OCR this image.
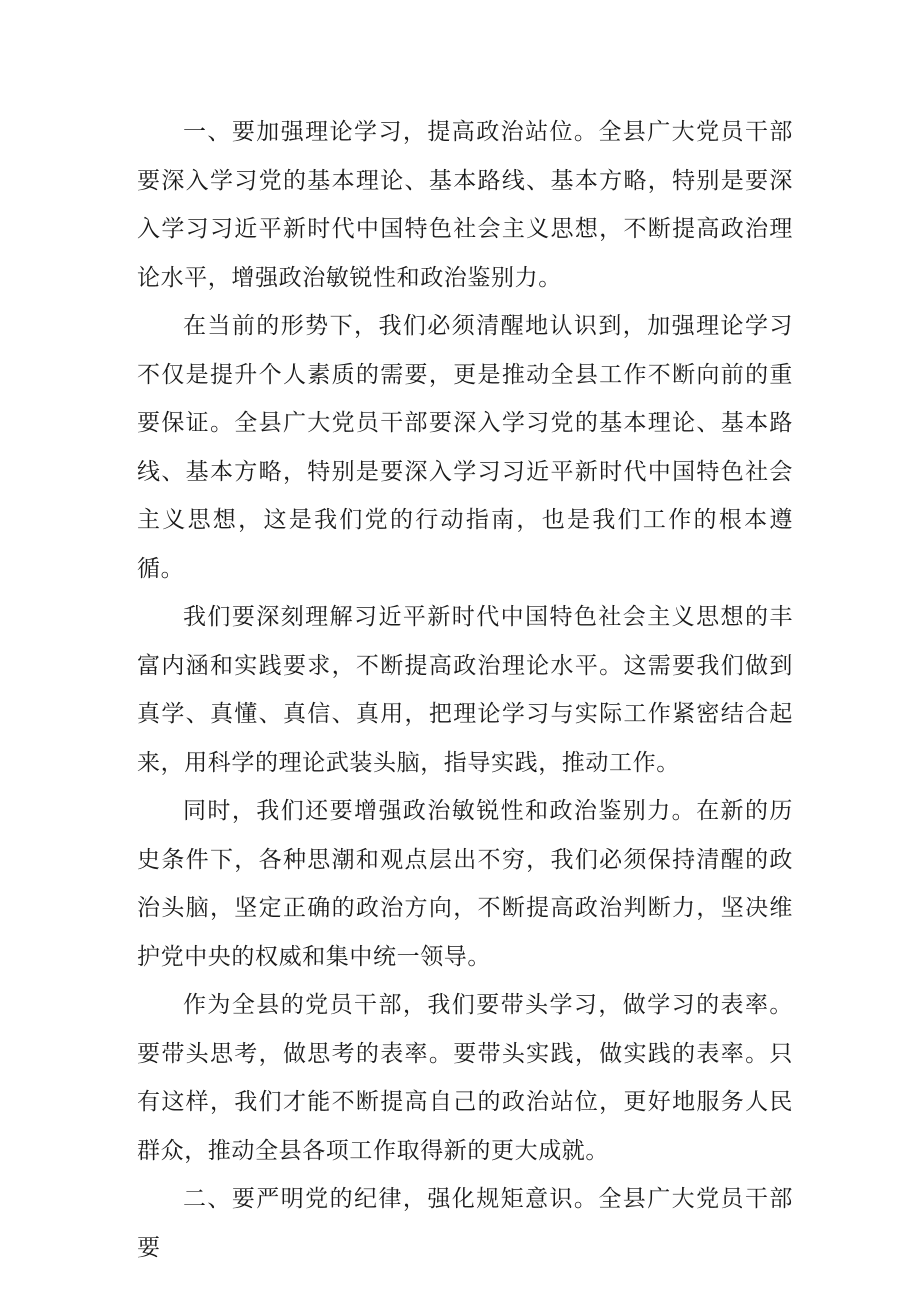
一、要加强理论学习，提高政治站位。全县广大党员干部要深入学习党的基本理论、基本路线、基本方略，特别是要深入学习习近平新时代中国特色社会主义思想，不断提高政治理论水平，增强政治敏锐性和政治鉴别力。

在当前的形势下，我们必须清醒地认识到，加强理论学习不仅是提升个人素质的需要，更是推动全县工作不断向前的重要保证。全县广大党员干部要深入学习党的基本理论、基本路线、基本方略，特别是要深入学习习近平新时代中国特色社会主义思想，这是我们党的行动指南，也是我们工作的根本遵循。

我们要深刻理解习近平新时代中国特色社会主义思想的丰富内涵和实践要求，不断提高政治理论水平。这需要我们做到真学、真懂、真信、真用，把理论学习与实际工作紧密结合起来，用科学的理论武装头脑，指导实践，推动工作。

同时，我们还要增强政治敏锐性和政治鉴别力。在新的历史条件下，各种思潮和观点层出不穷，我们必须保持清醒的政治头脑，坚定正确的政治方向，不断提高政治判断力，坚决维护党中央的权威和集中统一领导。

作为全县的党员干部，我们要带头学习，做学习的表率。要带头思考，做思考的表率。要带头实践，做实践的表率。只有这样，我们才能不断提高自己的政治站位，更好地服务人民群众，推动全县各项工作取得新的更大成就。

二、要严明党的纪律，强化规矩意识。全县广大党员干部要
